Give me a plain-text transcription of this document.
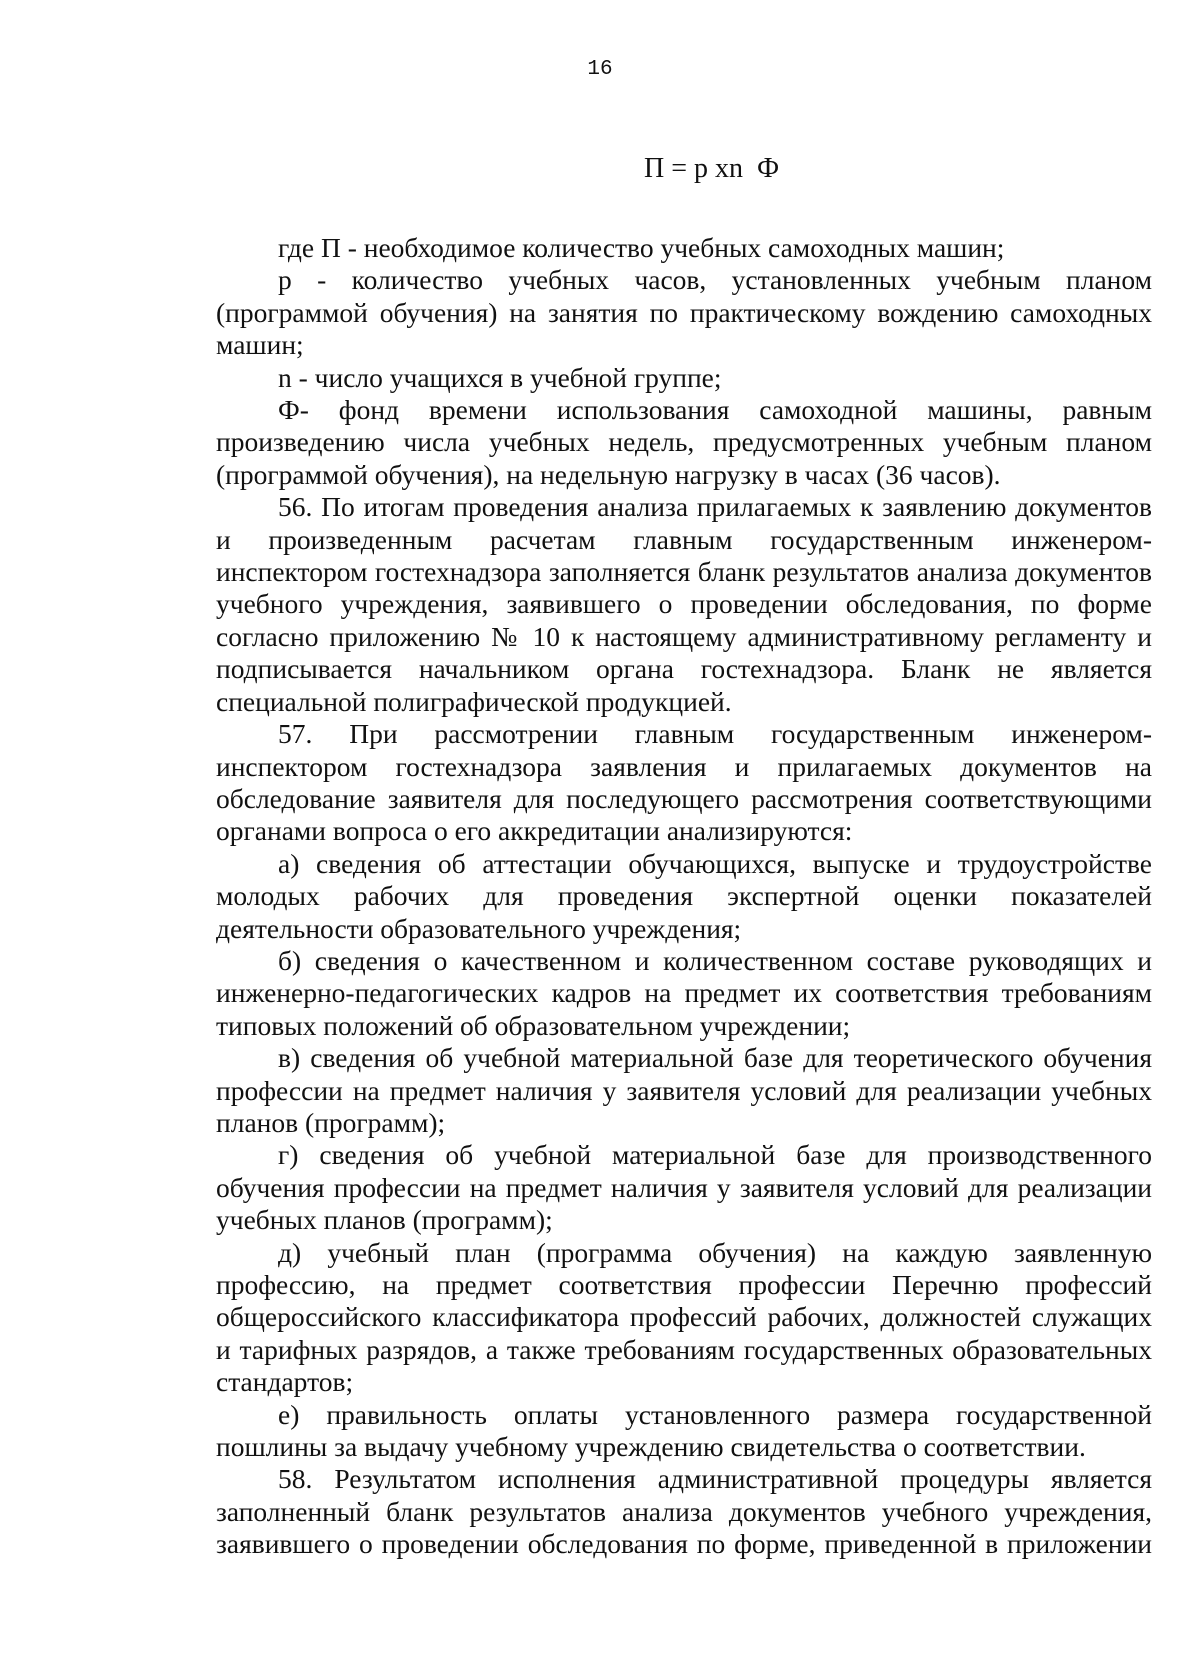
16
П = р xn  Ф

где П - необходимое количество учебных самоходных машин;

р - количество учебных часов, установленных учебным планом (программой обучения) на занятия по практическому вождению самоходных машин;

n - число учащихся в учебной группе;

Ф- фонд времени использования самоходной машины, равным произведению числа учебных недель, предусмотренных учебным планом (программой обучения), на недельную нагрузку в часах (36 часов).

56. По итогам проведения анализа прилагаемых к заявлению документов и произведенным расчетам главным государственным инженером- инспектором гостехнадзора заполняется бланк результатов анализа документов учебного учреждения, заявившего о проведении обследования, по форме согласно приложению № 10 к настоящему административному регламенту и подписывается начальником органа гостехнадзора. Бланк не является специальной полиграфической продукцией.

57. При рассмотрении главным государственным инженером-инспектором гостехнадзора заявления и прилагаемых документов на обследование заявителя для последующего рассмотрения соответствующими органами вопроса о его аккредитации анализируются:

а) сведения об аттестации обучающихся, выпуске и трудоустройстве молодых рабочих для проведения экспертной оценки показателей деятельности образовательного учреждения;

б) сведения о качественном и количественном составе руководящих и инженерно-педагогических кадров на предмет их соответствия требованиям типовых положений об образовательном учреждении;

в) сведения об учебной материальной базе для теоретического обучения профессии на предмет наличия у заявителя условий для реализации учебных планов (программ);

г) сведения об учебной материальной базе для производственного обучения профессии на предмет наличия у заявителя условий для реализации учебных планов (программ);

д) учебный план (программа обучения) на каждую заявленную профессию, на предмет соответствия профессии Перечню профессий общероссийского классификатора профессий рабочих, должностей служащих и тарифных разрядов, а также требованиям государственных образовательных стандартов;

е) правильность оплаты установленного размера государственной пошлины за выдачу учебному учреждению свидетельства о соответствии.

58. Результатом исполнения административной процедуры является заполненный бланк результатов анализа документов учебного учреждения, заявившего о проведении обследования по форме, приведенной в приложении
